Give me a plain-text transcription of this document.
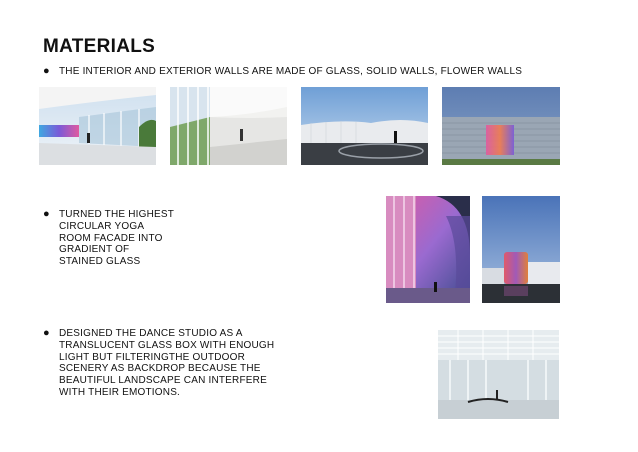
MATERIALS
● THE INTERIOR AND EXTERIOR WALLS ARE MADE OF GLASS, SOLID WALLS, FLOWER WALLS
● TURNED THE HIGHEST
CIRCULAR YOGA
ROOM FACADE INTO
GRADIENT OF
STAINED GLASS
● DESIGNED THE DANCE STUDIO AS A
TRANSLUCENT GLASS BOX WITH ENOUGH
LIGHT BUT FILTERINGTHE OUTDOOR
SCENERY AS BACKDROP BECAUSE THE
BEAUTIFUL LANDSCAPE CAN INTERFERE
WITH THEIR EMOTIONS.
